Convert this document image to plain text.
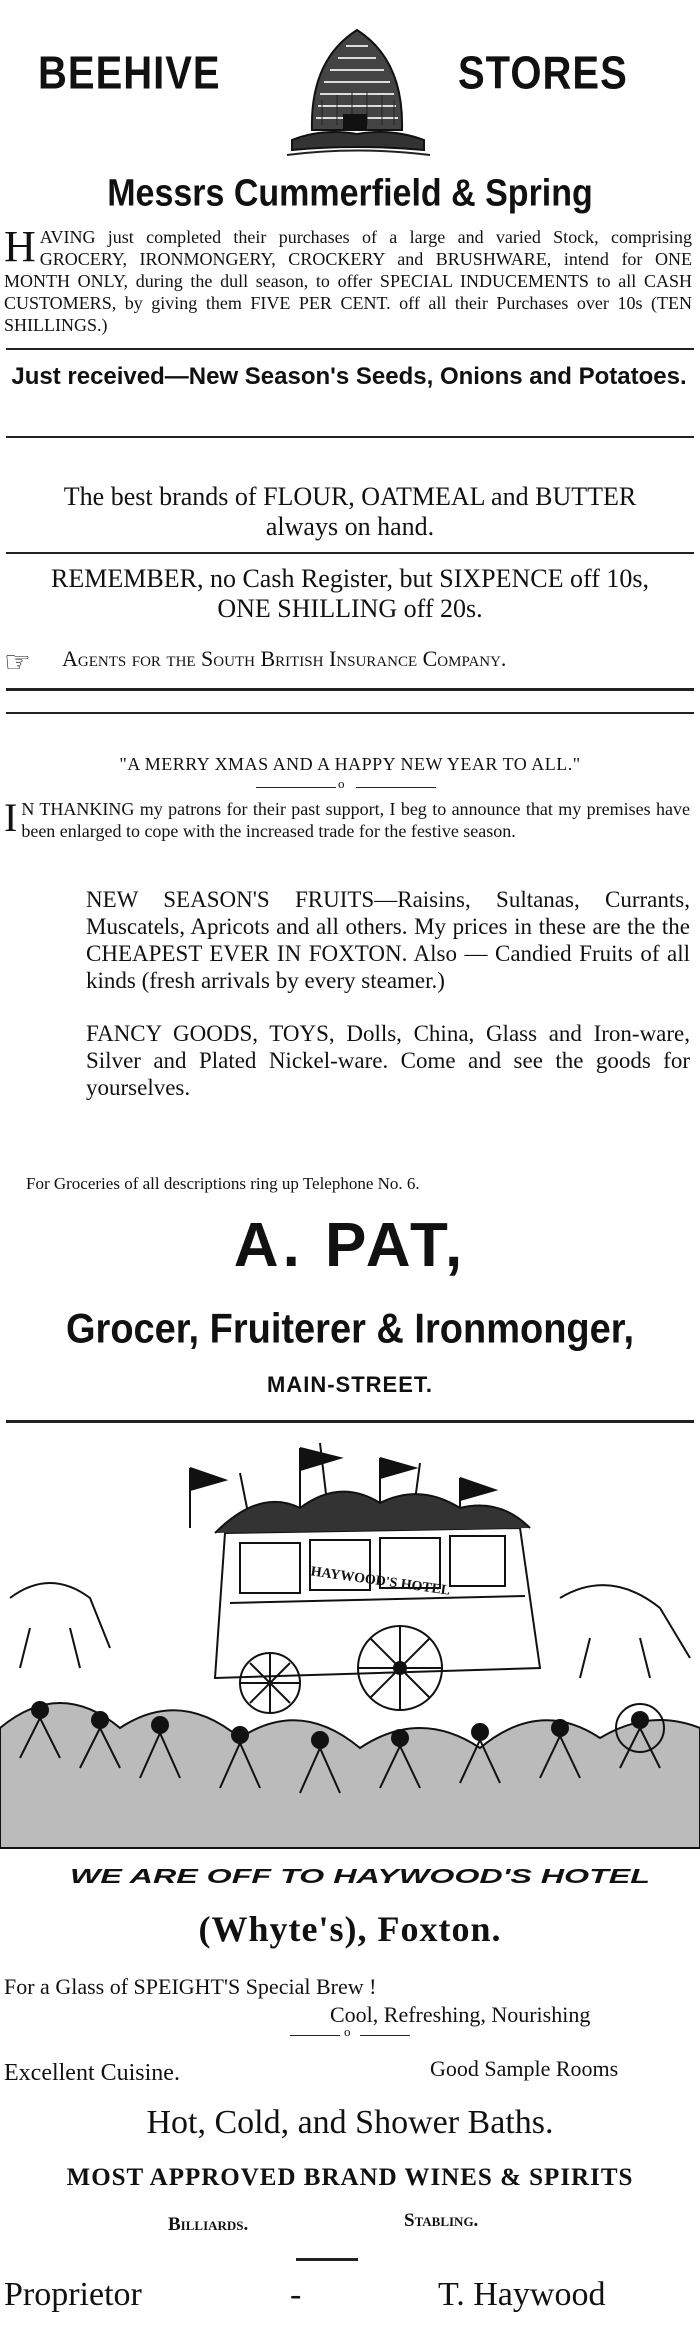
BEEHIVE	STORES
Messrs Cummerfield & Spring
HAVING just completed their purchases of a large and varied Stock, comprising GROCERY, IRONMONGERY, CROCKERY and BRUSHWARE, intend for ONE MONTH ONLY, during the dull season, to offer SPECIAL INDUCEMENTS to all CASH CUSTOMERS, by giving them FIVE PER CENT. off all their Purchases over 10s (TEN SHILLINGS.)
Just received—New Season's Seeds, Onions and Potatoes.
The best brands of FLOUR, OATMEAL and BUTTER
always on hand.
REMEMBER, no Cash Register, but SIXPENCE off 10s,
ONE SHILLING off 20s.
☞ Agents for the South British Insurance Company.
"A MERRY XMAS AND A HAPPY NEW YEAR TO ALL."
o
I N THANKING my patrons for their past support, I beg to announce that my premises have been enlarged to cope with the increased trade for the festive season.
NEW SEASON'S FRUITS—Raisins, Sultanas, Currants, Muscatels, Apricots and all others. My prices in these are the the CHEAPEST EVER IN FOXTON. Also — Candied Fruits of all kinds (fresh arrivals by every steamer.)
FANCY GOODS, TOYS, Dolls, China, Glass and Iron-ware, Silver and Plated Nickel-ware. Come and see the goods for yourselves.
For Groceries of all descriptions ring up Telephone No. 6.
A. PAT,
Grocer, Fruiterer & Ironmonger,
MAIN-STREET.
HAYWOOD'S HOTEL
WE ARE OFF TO HAYWOOD'S HOTEL
(Whyte's), Foxton.
For a Glass of SPEIGHT'S Special Brew !
Cool, Refreshing, Nourishing
o
Excellent Cuisine.	Good Sample Rooms
Hot, Cold, and Shower Baths.
MOST APPROVED BRAND WINES & SPIRITS
Billiards.	Stabling.
Proprietor	-	T. Haywood
